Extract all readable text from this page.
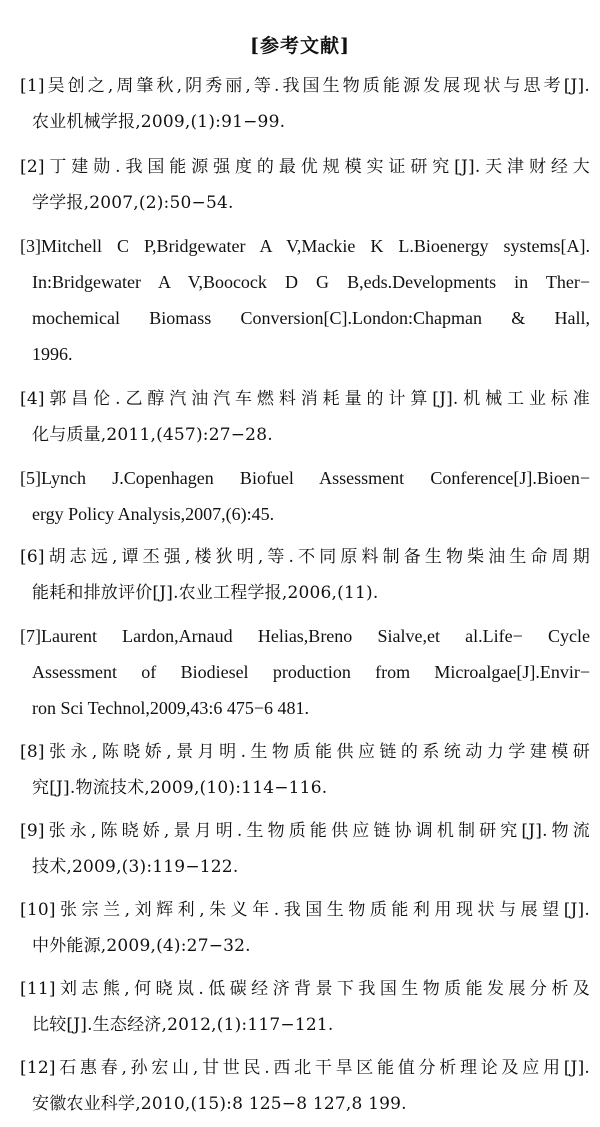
[参考文献]
[1]吴创之,周肇秋,阴秀丽,等.我国生物质能源发展现状与思考[J].
农业机械学报,2009,(1):91−99.
[2]丁建勋.我国能源强度的最优规模实证研究[J].天津财经大
学学报,2007,(2):50−54.
[3]Mitchell C P,Bridgewater A V,Mackie K L.Bioenergy systems[A].
In:Bridgewater A V,Boocock D G B,eds.Developments in Ther−
mochemical Biomass Conversion[C].London:Chapman & Hall,
1996.
[4]郭昌伦.乙醇汽油汽车燃料消耗量的计算[J].机械工业标准
化与质量,2011,(457):27−28.
[5]Lynch J.Copenhagen Biofuel Assessment Conference[J].Bioen−
ergy Policy Analysis,2007,(6):45.
[6]胡志远,谭丕强,楼狄明,等.不同原料制备生物柴油生命周期
能耗和排放评价[J].农业工程学报,2006,(11).
[7]Laurent Lardon,Arnaud Helias,Breno Sialve,et al.Life− Cycle
Assessment of Biodiesel production from Microalgae[J].Envir−
ron Sci Technol,2009,43:6 475−6 481.
[8]张永,陈晓娇,景月明.生物质能供应链的系统动力学建模研
究[J].物流技术,2009,(10):114−116.
[9]张永,陈晓娇,景月明.生物质能供应链协调机制研究[J].物流
技术,2009,(3):119−122.
[10]张宗兰,刘辉利,朱义年.我国生物质能利用现状与展望[J].
中外能源,2009,(4):27−32.
[11]刘志熊,何晓岚.低碳经济背景下我国生物质能发展分析及
比较[J].生态经济,2012,(1):117−121.
[12]石惠春,孙宏山,甘世民.西北干旱区能值分析理论及应用[J].
安徽农业科学,2010,(15):8 125−8 127,8 199.
